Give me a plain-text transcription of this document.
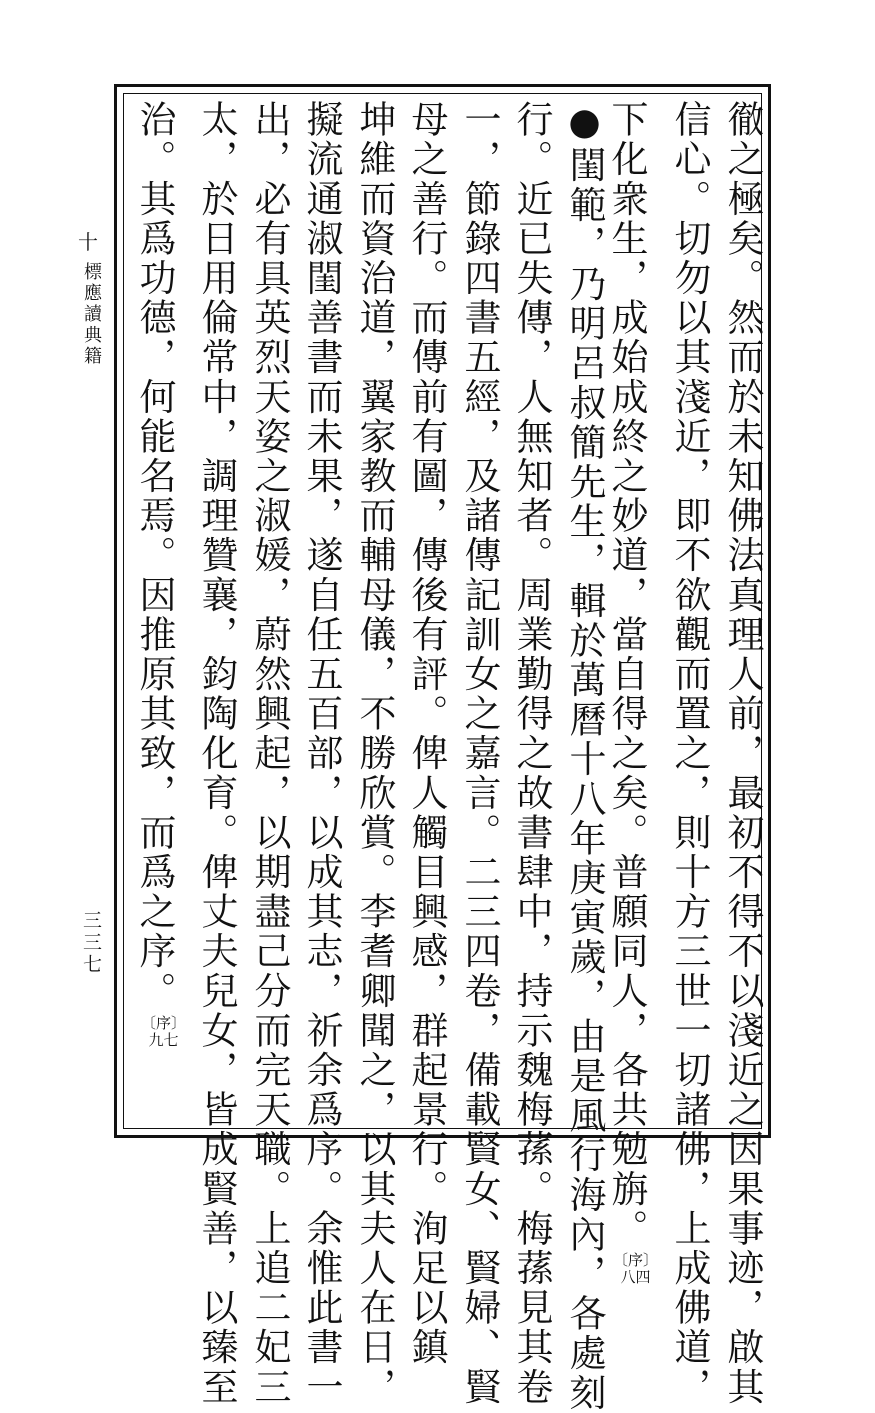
十
標應讀典籍
三三七	徹之極矣。然而於未知佛法真理人前，最初不得不以淺近之因果事迹，啟其
信心。切勿以其淺近，即不欲觀而置之，則十方三世一切諸佛，上成佛道，
下化衆生，成始成終之妙道，當自得之矣。普願同人，各共勉旃。
〔序〕
八四
●閨範，乃明呂叔簡先生，輯於萬曆十八年庚寅歲，由是風行海內，各處刻
行。近已失傳，人無知者。周業勤得之故書肆中，持示魏梅蓀。梅蓀見其卷
一，節錄四書五經，及諸傳記訓女之嘉言。二三四卷，備載賢女、賢婦、賢
母之善行。而傳前有圖，傳後有評。俾人觸目興感，群起景行。洵足以鎮
坤維而資治道，翼家教而輔母儀，不勝欣賞。李耆卿聞之，以其夫人在日，
擬流通淑閨善書而未果，遂自任五百部，以成其志，祈余爲序。余惟此書一
出，必有具英烈天姿之淑媛，蔚然興起，以期盡己分而完天職。上追二妃三
太，於日用倫常中，調理贊襄，鈞陶化育。俾丈夫兒女，皆成賢善，以臻至
治。其爲功德，何能名焉。因推原其致，而爲之序。
〔序〕
九七
